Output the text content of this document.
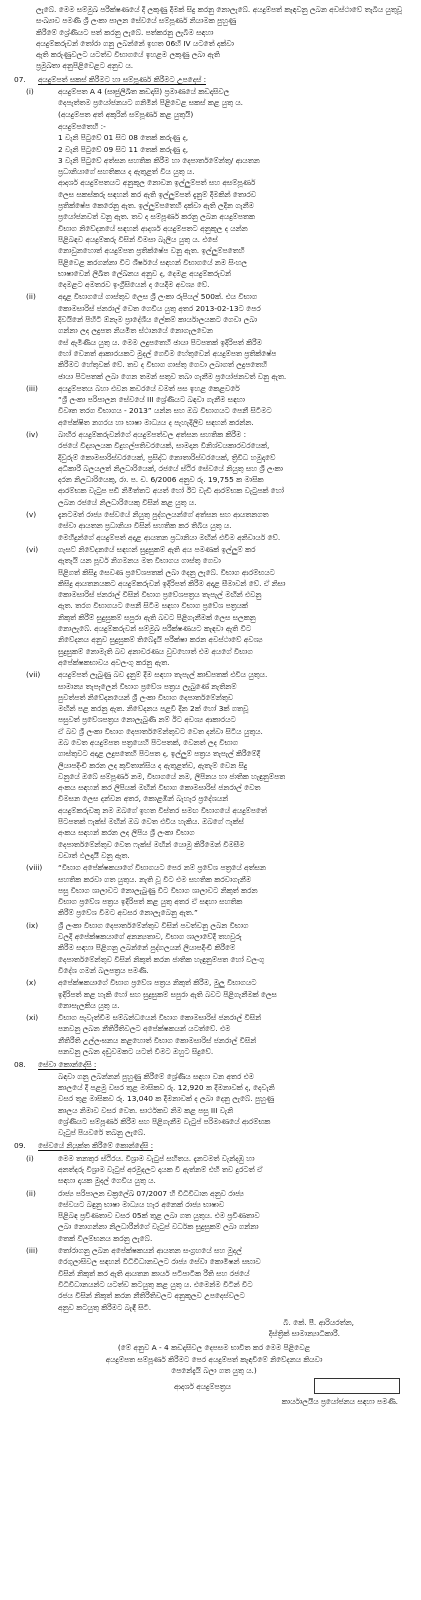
ලැබේ. මෙම සම්මුඛ පරීක්ෂණයේ දී ලකුණු දීමක් සිදු කරනු නොලැබේ. අයදුම්පත් කැඳවනු ලබන අවස්ථාවේ තැබිය යුතුවූ

සංඛ්‍යාව පමණි ශ්‍රී ලංකා පාලන සේවයේ සම්පූර්ණ නියාමක පුහුණු

කිරීමේ ශ්‍රේණියට පත් කරනු ලැබේ. පත්කරනු ලැබීම සඳහා

අයදුම්කරුවන් තෝරා ගනු ලබන්නේ ඉහත 06හි IV යටතේ දක්වා

ඇති කරුණුවලට යටත්ව විභාගයේ ඉහළම ලකුණු ලබා ඇති

ප්‍රමුඛතා අනුපිළිවෙළට අනුව ය.

07. අයදුම්පත් සකස් කිරීමට හා සම්පූර්ණ කිරීමට උපදෙස් :

(i)	අයදුම්පත A 4 (සෘජුලිඛිත කඩදාසි) ප්‍රමාණයේ කඩදාසිවල

දෙපැත්තම ප්‍රයෝජනයට ගනිමින් පිළිවෙළ සකස් කළ යුතු ය.

(අයදුම්පත අත් අකුරින් සම්පූර්ණ කළ යුතුයි)

අයදුම්පතෙහි :-

1 වැනි පිටුවේ 01 සිට 08 තෙක් කරුණු ද,

2 වැනි පිටුවේ 09 සිට 11 තෙක් කරුණු ද,

3 වැනි පිටුවේ අත්සන සහතික කිරීම හා දෙපාර්තමේන්තු/ ආයතන

ප්‍රධානියාගේ සහතිකය ද ඇතුළත් විය යුතු ය.

ආදර්ශ අයදුම්පතයට අනුකූල නොවන ඉල්ලුම්පත් සහ අසම්පූර්ණ

ලෙස සකස්කරු සඳහන් කර ඇති ඉල්ලුම්පත් දැනුම් දීමකින් තොරව

ප්‍රතික්ෂේප කෙරෙනු ඇත. ඉල්ලුම්පතෙහි දක්වා ඇති ලදින ගැනීම

ප්‍රයෝජනවත් වනු ඇත. තව ද සම්පූර්ණ කරනු ලබන අයදුම්පතක

විභාග නිවේදනයේ සඳහන් ආදර්ශ අයදුම්පතට අනුකූල ද යන්න

පිළිබඳව අයදුම්කරු විසින් විමසා බැලිය යුතු ය. එසේ

නොවුනහොත් අයදුම්පත ප්‍රතික්ෂේප වනු ඇත. ඉල්ලුම්පතෙහි

පිළිවෙළ කරගන්නා විට ශීර්ෂයේ සඳහන් විභාගයේ නම සිංහල

භාෂාවෙන් ලිඛිත ලේඛනය අනුව ද, දෙමළ අයදුම්කරුවන්

දෙමළට අමතරව ඉංග්‍රීසියෙන් ද යෙදීම අවශ්‍ය වේ.

(ii)	අදාළ විභාගයේ ගාස්තුව ලෙස ශ්‍රී ලංකා රුපියල් 500ක්. එය විභාග

කොමසාරිස් ජනරාල් වෙත ගෙවිය යුතු අතර 2013-02-13ට පෙර

දිවයිනේ පිහිටි ඕනෑම ප්‍රාදේශීය ලේකම් කාර්යාලයකට ගෙවා ලබා

ගන්නා ලද ලදුපත නියමිත ස්ථානයේ නොගැලවෙන

සේ ඇමිණිය යුතු ය. මෙම ලදුපතෙහි ඡායා පිටපතක් ඉදිරිපත් කිරීම

හෝ වෙනත් ආකාරයකට මුදල් ගෙවීම හේතුවෙන් අයදුම්පත ප්‍රතික්ෂේප

කිරීමට හේතුවක් වේ. තව ද විභාග ගාස්තු ගෙවා ලබාගත් ලදුපතෙහි

ඡායා පිටපතක් ලබා ගෙන තමන් සතුව තබා ගැනීම ප්‍රයෝජනවත් වනු ඇත.

(iii)	අයදුම්පතය බහා එවන කවරයේ වමත් පස ඉහළ කෙළවරේ

“ශ්‍රී ලංකා පරිපාලන සේවයේ III ශ්‍රේණියට බඳවා ගැනීම සඳහා

විවෘත තරග විභාගය - 2013” යන්න සහ ඔබ විභාගයට පෙනී සිටීමට

අපේක්ෂිත නගරය හා භාෂා මාධ්‍යය ද පැහැදිලිව සඳහන් කරන්න.

(iv)	බාහිර අයදුම්කරුවන්ගේ අයදුම්පත්වල අත්සන සහතික කිරීම :

රජයේ විද්‍යාලයක විදුහල්පතිවරයෙක්, සාමදාන විනිශ්චයකාරවරයෙක්,

දිවුරුම් කොමසාරිස්වරයෙක්, ප්‍රසිද්ධ නොතාරිස්වරයෙක්, ත්‍රිවිධ හමුදාවේ

අධිකාරී බලයලත් නිලධාරියෙක්, රජයේ ස්ථිර සේවයේ නියුතු සහ ශ්‍රී ලංකා

දරන නිලධාරියෙකු, රා. ප. ච. 6/2006 අනුව රු. 19,755 ක මාසික

ආරම්භක වැටුප පඩි නිමිත්තට අයත් හෝ ඊට වැඩි ආරම්භක වැටුපක් හෝ

ලබන රජයේ නිලධාරියෙකු විසින් කළ යුතු ය.

(v)	දැනටමත් රාජ්‍ය සේවයේ නියුතු පුද්ගලයන්ගේ අත්සන සහ ආයතනගත

සේවා ආයතන ප්‍රධානියා විසින් සහතික කර තිබිය යුතු ය.

මෙහිදුන්ගේ අයදුම්පත් අදාළ ආයතන ප්‍රධානියා මඟින් එවීම අනිවාර්ය වේ.

(vi)	ගැසට් නිවේදනයේ සඳහන් සුදුසුකම් ඇති අය පමණක් ඉල්ලුම් කර

ඇතැයි යන පූර්ව නිගමනය මත විභාගය ගාස්තු ගෙවා

පිළිගත් කිසිදු සෙවණ ප්‍රවේශපතක් ලබා දෙනු ලැබේ. විභාග ආරම්භයට

කිසිදු ආයතනයකට අයදුම්කරුවන් ඉදිරිපත් කිරීම අදාළ සීමාවන් වේ. ඒ නිසා

කොමසාරිස් ජනරාල් විසින් විභාග ප්‍රවේශපත්‍රය තැපැල් මඟින් එවනු

ඇත. තරග විභාගයට පෙනී සිටීම සඳහා විභාග ප්‍රවේශ පත්‍රයක්

නිකුත් කිරීම් සුදුසුකම් සපුරා ඇති බවට පිළිගැනීමක් ලෙස සලකනු

නොලැබේ. අයදුම්කරුවන් සම්මුඛ පරීක්ෂණයට කැඳවා ඇති විට

නිවේදනය අනුව සුදුසුකම් තිබේදැයි පරීක්ෂා කරන අවස්ථාවේ අවශ්‍ය

සුදුසුකම් නොමැති බව අනාවරණය වුවහොත් එම අයගේ විභාග

අපේක්ෂකභාවය අවලංගු කරනු ඇත.

(vii)	අයදුම්පත් ලැබුණු බව දැනුම් දීම සඳහා තැපැල් කාඩ්පතක් එවිය යුතුය.

සාමාන්‍ය තැපෑලෙන් විභාග ප්‍රවේශ පත්‍රය ලැබුණේ නැතිනම්

පුවත්පත් නිවේදනයෙන් ශ්‍රී ලංකා විභාග දෙපාර්තමේන්තුව

මඟින් පළ කරනු ඇත. නිවේදනය පළවී දින 2ක් හෝ 3ක් ගතවූ

පසුවත් ප්‍රවේශපත්‍රය නොලැබුණි නම් ඊට අවශ්‍ය ආකාරයට

ඒ බව ශ්‍රී ලංකා විභාග දෙපාර්තමේන්තුවට වෙත දන්වා සිටිය යුතුය.

ඔබ වෙත අයදුම්පත පත්‍රයෙහි පිටපතක්, වෙනත් ලද විභාග

ගාස්තුවට අදාළ ලදුපතෙහි පිටපත ද, ඉල්ලුම් පත්‍රය තැපැල් කිරීමේදී

ලියාපදිංචි කරන ලද කුවිතාන්සිය ද ඇතුළත්ව, ඇතැම් වෙන සිදු

වනුයේ ඔබේ සම්පූර්ණ නම, විභාගයේ නම, ලිපිනය හා ජාතික හැඳුනුම්පත

අංකය සඳහන් කර ලිපියක් මඟින් විභාග කොමසාරිස් ජනරාල් වෙත

විමසන ලෙස දන්වන අතර, කොළඹින් බැහැර ප්‍රදේශයන්

අයදුම්කරුවකු නම ඔබගේ ඉහත විස්තර සමඟ විභාගයේ අයදුම්පතේ

පිටපතක් ෆැක්ස් මඟින් ඔබ වෙත එවිය හැකිය. ඔබගේ ෆැක්ස්

අංකය සඳහන් කරන ලද ලිපිය ශ්‍රී ලංකා විභාග

දෙපාර්තමේන්තුව වෙත ෆැක්ස් මඟින් යොමු කිරීමෙන් විමසීම

වඩාත් ඵලදායී වනු ඇත.

(viii)	“විභාග අපේක්ෂකයාගේ විභාගයට පෙර නම් ප්‍රවේශ පත්‍රයේ අත්සන

සහතික කරවා ගත යුතුය. නැති වූ විට එම සහතික කරවාගැනීම

පසු විභාග ශාලාවට නොලැබුණු විට විභාග ශාලාවට නිකුත් කරන

විභාග ප්‍රවේශ පත්‍රය ඉදිරිපත් කළ යුතු අතර ඒ සඳහා සහතික

කිරීම් ප්‍රවේශ වීමට අවසර නොලැබෙනු ඇත.”

(ix)	ශ්‍රී ලංකා විභාග දෙපාර්තමේන්තුව විසින් පවත්වනු ලබන විභාග

වලදී අපේක්ෂකයාගේ අනන්‍යතාව, විභාග ශාලාවේදී තහවුරු

කිරීම සඳහා පිළිගනු ලබන්නේ පුද්ගලයන් ලියාපදිංචි කිරීමේ

දෙපාර්තමේන්තුව විසින් නිකුත් කරන ජාතික හැඳුනුම්පත හෝ වලංගු

විදේශ ගමන් බලපත්‍රය පමණි.

(x)	අපේක්ෂකයාගේ විභාග ප්‍රවේශ පත්‍රය නිකුත් කිරීම, මුලු විභාගයට

ඉදිරිපත් කළ හැකි හෝ සහ සුදුසුකම් සපුරා ඇති බවට පිළිගැනීමක් ලෙස

නොසැලකිය යුතු ය.

(xi)	විභාග පැවැත්වීම සම්බන්ධයෙන් විභාග කොමසාරිස් ජනරාල් විසින්

පනවනු ලබන නීතිරීතිවලට අපේක්ෂකයන් යටත්වේ. එම

නීතිරීති උල්ලංඝනය කළහොත් විභාග කොමසාරිස් ජනරාල් විසින්

පනවනු ලබන දඬුවමකට යටත් වීමට ඔහුට සිදුවේ.

08. සේවා කොන්දේසි :

බඳවා ගනු ලබන්නන් පුහුණු කිරීමේ ශ්‍රේණිය සඳහා වන අතර එම

කාලයේ දී පළමු වසර තුළ මාසිකව රු. 12,920 ක දීමනාවක් ද, දෙවැනි

වසර තුළ මාසිකව රු. 13,040 ක දීමනාවක් ද ලබා දෙනු ලැබේ. පුහුණු

කාලය නිමාව වසර වෙත. සාර්ථකව නිම කළ පසු III වැනි

ශ්‍රේණියට සම්පූර්ණ කිරීම සහ පිළිගැනීම වැටුප් පරිමාණයේ ආරම්භක

වැටුප් පියවරේ තබනු ලැබේ.

09. සේවයේ නියුක්ත කිරීමේ කොන්දේසි :

(i)	මෙම තනතුර ස්ථිරය. විශ්‍රාම වැටුප් සහිතය. දැනටමත් වැන්දඹු හා

අනත්දරු විශ්‍රාම වැටුප් අරමුදලට දායක වී ඇත්නම් එහි තව දුරටත් ඒ

සඳහා දායක මුදල් ගෙවිය යුතු ය.

(ii)	රාජ්‍ය පරිපාලන චක්‍රලේඛ 07/2007 හි විධිවිධාන අනුව රාජ්‍ය

සේවයට බඳුනු භාෂා මාධ්‍යය හැර අනෙක් රාජ්‍ය භාෂාව

පිළිබඳ ප්‍රවීණතාව වසර 05ක් තුළ ලබා ගත යුතුය. එම ප්‍රවීණතාව

ලබා නොගන්නා නිලධාරීන්ගේ වැටුප් වර්ධක සුදුසුකම් ලබා ගන්නා

තෙක් විලම්භනය කරනු ලැබේ.

(iii)	තෝරාගනු ලබන අපේක්ෂකයන් ආයතන සංග්‍රහයේ සහ මුදල්

රෙගුලාසිවල සඳහන් විධිවිධානවලට රාජ්‍ය සේවා කොමිෂන් සභාව

විසින් නිකුත් කර ඇති ආයතන කාර්ය පටිපාටික රීති සහ රජයේ

විධිවිධානයන්ට යටත්ව කටයුතු කළ යුතු ය. එමෙන්ම විටින් විට

රජය විසින් නිකුත් කරන නීතිරීතිවලට අනුකූලව උපදෙස්වලට

අනුව කටයුතු කිරීමට බැඳී සිටී.

බී. කේ. පී. ආරියරත්න,

දිස්ත්‍රික් සාමාන්‍යාධිකාරී.

(මේ අනුව A - 4 කඩදාසිවල දෙපසම භාවිත කර මෙම පිළිවෙළ

අයදුම්පත සම්පූර්ණ කිරීමට පෙර අයදුම්පත් කැඳවීමේ නිවේදනය කියවා

පෙනේදැයි බලා ගත යුතු ය.)

ආදර්ශ අයදුම්පත්‍රය

කාර්යාලයීය ප්‍රයෝජනය සඳහා පමණි.
